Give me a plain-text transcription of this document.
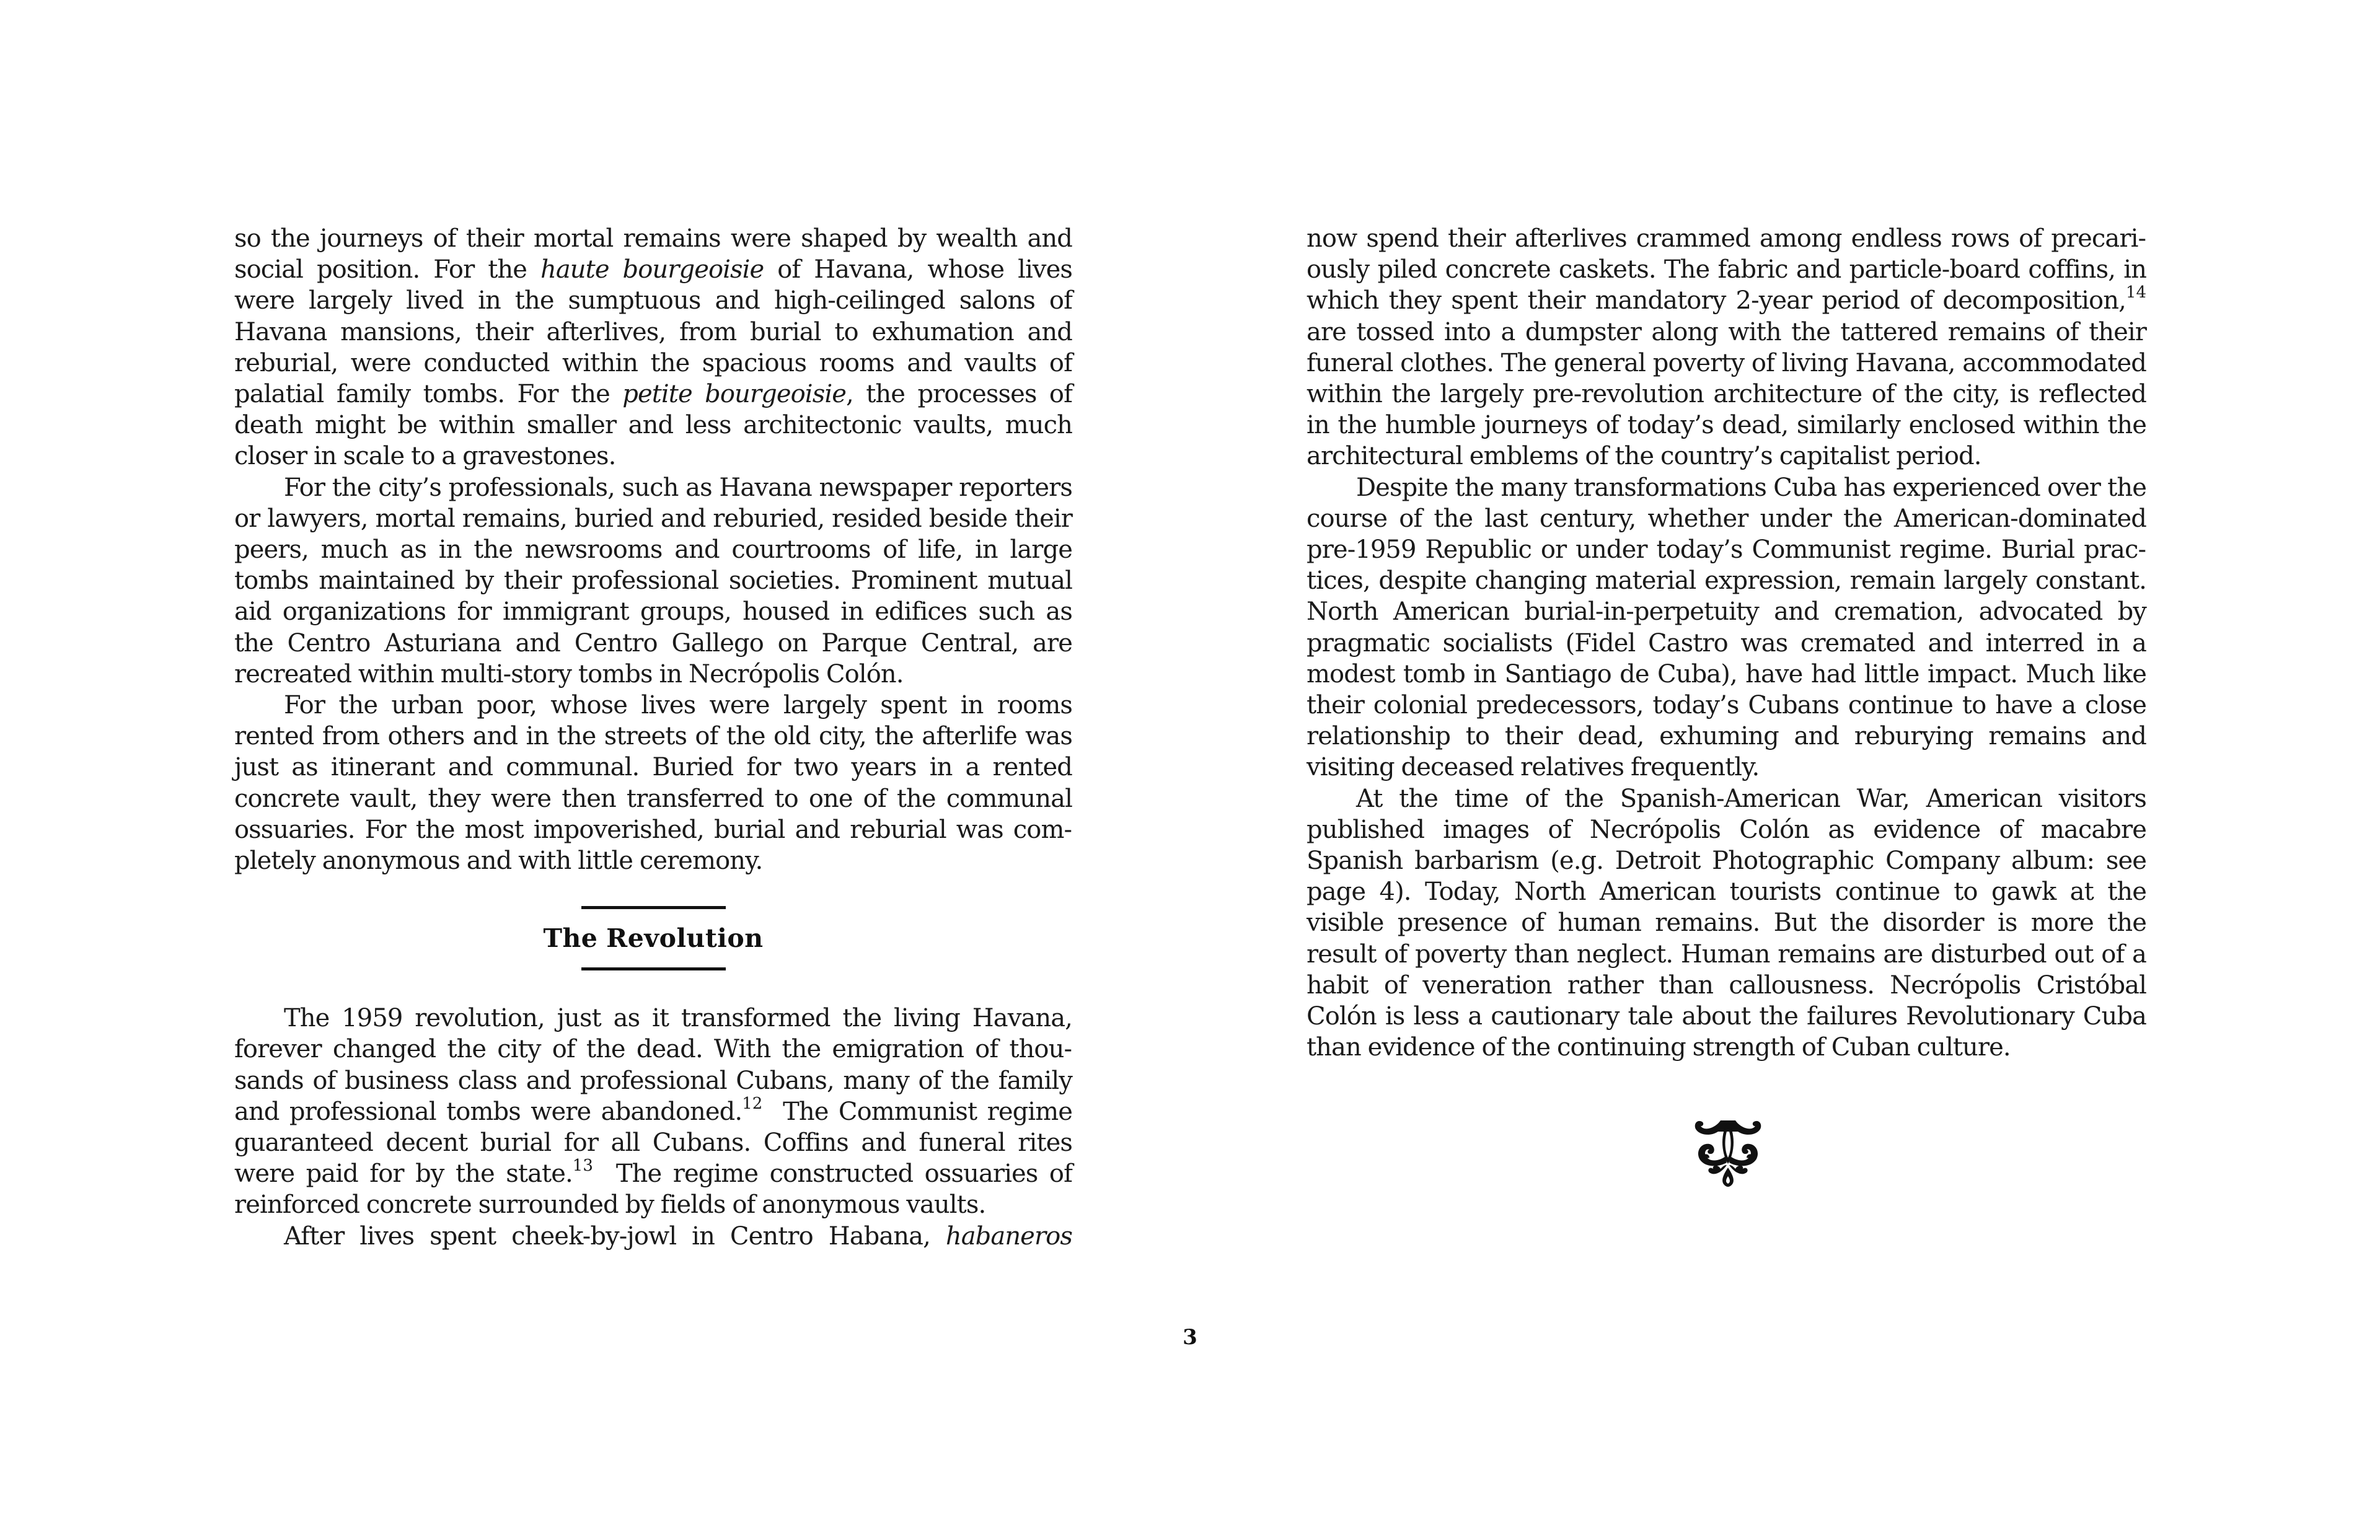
so the journeys of their mortal remains were shaped by wealth and social position. For the haute bourgeoisie of Havana, whose lives were largely lived in the sumptuous and high-ceilinged salons of Havana mansions, their afterlives, from burial to exhumation and reburial, were conducted within the spacious rooms and vaults of palatial family tombs. For the petite bourgeoisie, the processes of death might be within smaller and less architectonic vaults, much closer in scale to a gravestones.

For the city’s professionals, such as Havana newspaper reporters or lawyers, mortal remains, buried and reburied, resided beside their peers, much as in the newsrooms and courtrooms of life, in large tombs maintained by their professional societies. Prominent mutual aid organizations for immigrant groups, housed in edifices such as the Centro Asturiana and Centro Gallego on Parque Central, are recreated within multi-story tombs in Necrópolis Colón.

For the urban poor, whose lives were largely spent in rooms rented from others and in the streets of the old city, the afterlife was just as itinerant and communal. Buried for two years in a rented concrete vault, they were then transferred to one of the communal ossuaries. For the most impoverished, burial and reburial was completely anonymous and with little ceremony.

The Revolution

The 1959 revolution, just as it transformed the living Havana, forever changed the city of the dead. With the emigration of thousands of business class and professional Cubans, many of the family and professional tombs were abandoned.$^{12}$  The Communist regime guaranteed decent burial for all Cubans. Coffins and funeral rites were paid for by the state.$^{13}$  The regime constructed ossuaries of reinforced concrete surrounded by fields of anonymous vaults.

After lives spent cheek-by-jowl in Centro Habana, habaneros

now spend their afterlives crammed among endless rows of precariously piled concrete caskets. The fabric and particle-board coffins, in which they spent their mandatory 2-year period of decomposition,$^{14}$ are tossed into a dumpster along with the tattered remains of their funeral clothes. The general poverty of living Havana, accommodated within the largely pre-revolution architecture of the city, is reflected in the humble journeys of today’s dead, similarly enclosed within the architectural emblems of the country’s capitalist period.

Despite the many transformations Cuba has experienced over the course of the last century, whether under the American-dominated pre-1959 Republic or under today’s Communist regime. Burial practices, despite changing material expression, remain largely constant. North American burial-in-perpetuity and cremation, advocated by pragmatic socialists (Fidel Castro was cremated and interred in a modest tomb in Santiago de Cuba), have had little impact. Much like their colonial predecessors, today’s Cubans continue to have a close relationship to their dead, exhuming and reburying remains and visiting deceased relatives frequently.

At the time of the Spanish-American War, American visitors published images of Necrópolis Colón as evidence of macabre Spanish barbarism (e.g. Detroit Photographic Company album: see page 4). Today, North American tourists continue to gawk at the visible presence of human remains. But the disorder is more the result of poverty than neglect. Human remains are disturbed out of a habit of veneration rather than callousness. Necrópolis Cristóbal Colón is less a cautionary tale about the failures Revolutionary Cuba than evidence of the continuing strength of Cuban culture.

3
